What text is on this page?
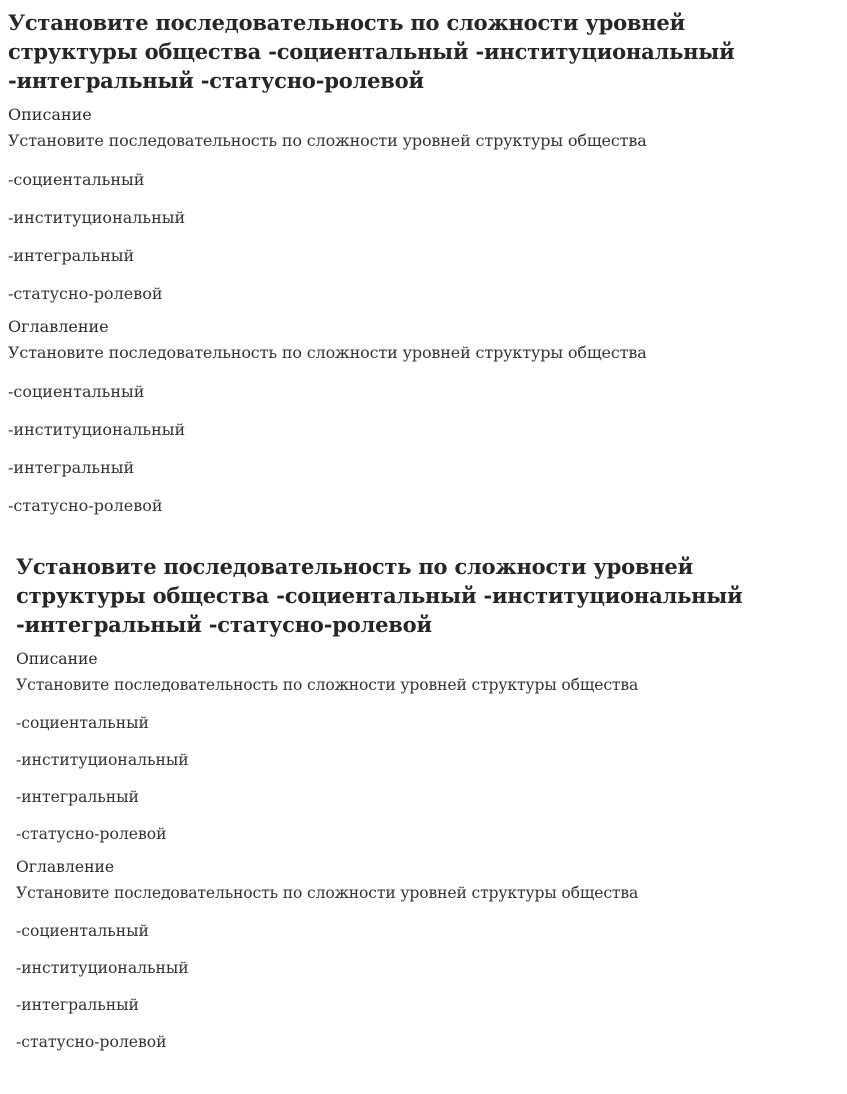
Установите последовательность по сложности уровней структуры общества -социентальный -институциональный -интегральный -статусно-ролевой

Описание

Установите последовательность по сложности уровней структуры общества

-социентальный
-институциональный
-интегральный
-статусно-ролевой

Оглавление

Установите последовательность по сложности уровней структуры общества

-социентальный
-институциональный
-интегральный
-статусно-ролевой
Установите последовательность по сложности уровней структуры общества -социентальный -институциональный -интегральный -статусно-ролевой

Описание

Установите последовательность по сложности уровней структуры общества

-социентальный
-институциональный
-интегральный
-статусно-ролевой

Оглавление

Установите последовательность по сложности уровней структуры общества

-социентальный
-институциональный
-интегральный
-статусно-ролевой
